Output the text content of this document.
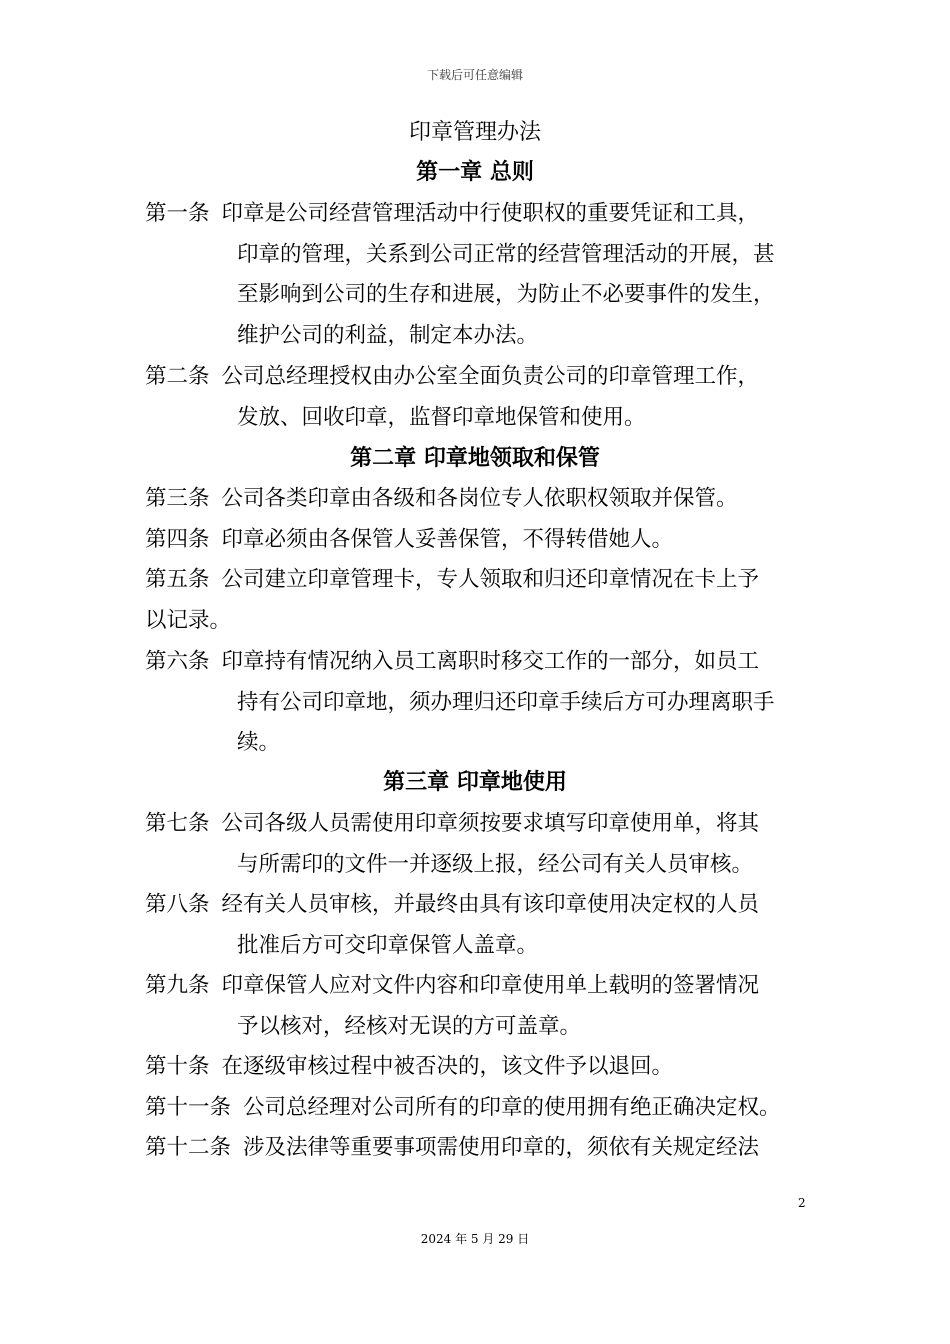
下载后可任意编辑
印章管理办法
第一章 总则
第一条 印章是公司经营管理活动中行使职权的重要凭证和工具，
印章的管理，关系到公司正常的经营管理活动的开展，甚
至影响到公司的生存和进展，为防止不必要事件的发生，
维护公司的利益，制定本办法。
第二条 公司总经理授权由办公室全面负责公司的印章管理工作，
发放、回收印章，监督印章地保管和使用。
第二章 印章地领取和保管
第三条 公司各类印章由各级和各岗位专人依职权领取并保管。
第四条 印章必须由各保管人妥善保管，不得转借她人。
第五条 公司建立印章管理卡，专人领取和归还印章情况在卡上予
以记录。
第六条 印章持有情况纳入员工离职时移交工作的一部分，如员工
持有公司印章地，须办理归还印章手续后方可办理离职手
续。
第三章 印章地使用
第七条 公司各级人员需使用印章须按要求填写印章使用单，将其
与所需印的文件一并逐级上报，经公司有关人员审核。
第八条 经有关人员审核，并最终由具有该印章使用决定权的人员
批准后方可交印章保管人盖章。
第九条 印章保管人应对文件内容和印章使用单上载明的签署情况
予以核对，经核对无误的方可盖章。
第十条 在逐级审核过程中被否决的，该文件予以退回。
第十一条 公司总经理对公司所有的印章的使用拥有绝正确决定权。
第十二条 涉及法律等重要事项需使用印章的，须依有关规定经法
2
2024 年 5 月 29 日
